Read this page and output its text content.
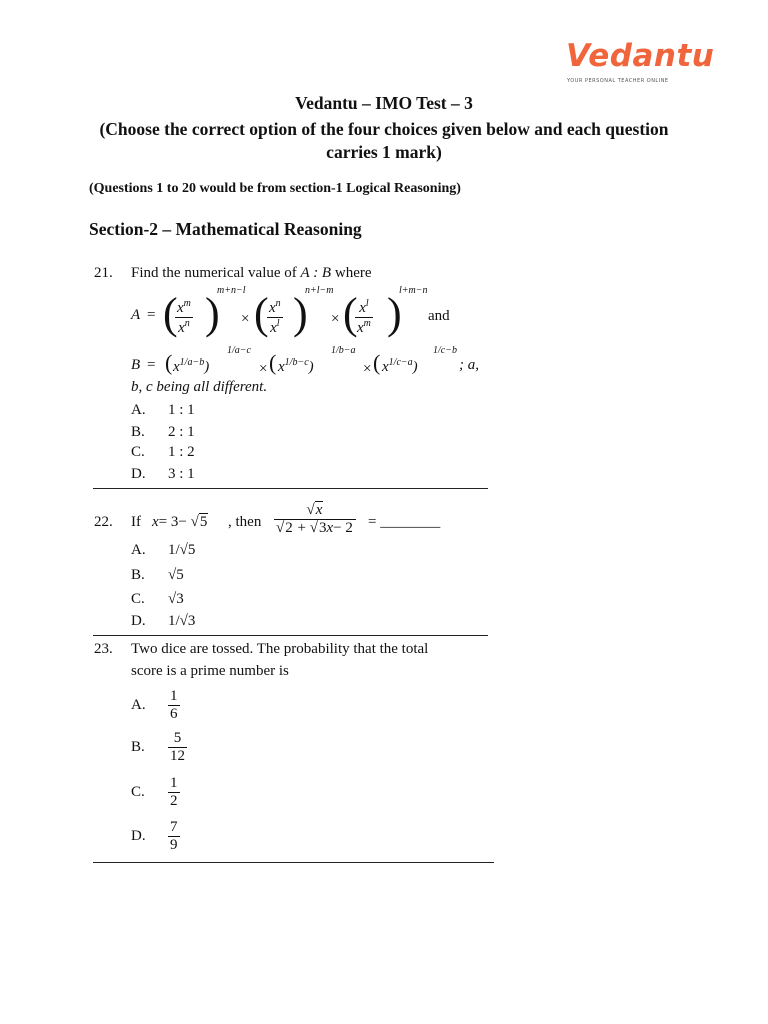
Vedantu
YOUR PERSONAL TEACHER ONLINE
Vedantu – IMO Test – 3
(Choose the correct option of the four choices given below and each question
carries 1 mark)
(Questions 1 to 20 would be from section-1 Logical Reasoning)
Section-2 – Mathematical Reasoning
21. Find the numerical value of A : B where
A = (
$\frac{x^m}{x^n}$ )
m+n−l
× (
$\frac{x^n}{x^l}$ )
n+l−m
× (
$\frac{x^l}{x^m}$ )
l+m−n
and
B = ( $x^{1/a-b}$)
1/a−c
× ( $x^{1/b-c}$)
1/b−a
× ( $x^{1/c-a}$)
1/c−b
; a,
b, c being all different.
A. 1 : 1
B. 2 : 1
C. 1 : 2
D. 3 : 1
22. If x= 3− √5 , then $\frac{√x}{√2 + √3x- 2}$ = ________
A. 1/√5
B. √5
C. √3
D. 1/√3
23. Two dice are tossed. The probability that the total
score is a prime number is
A. $\frac{1}{6}$
B. $\frac{5}{12}$
C. $\frac{1}{2}$
D. $\frac{7}{9}$
